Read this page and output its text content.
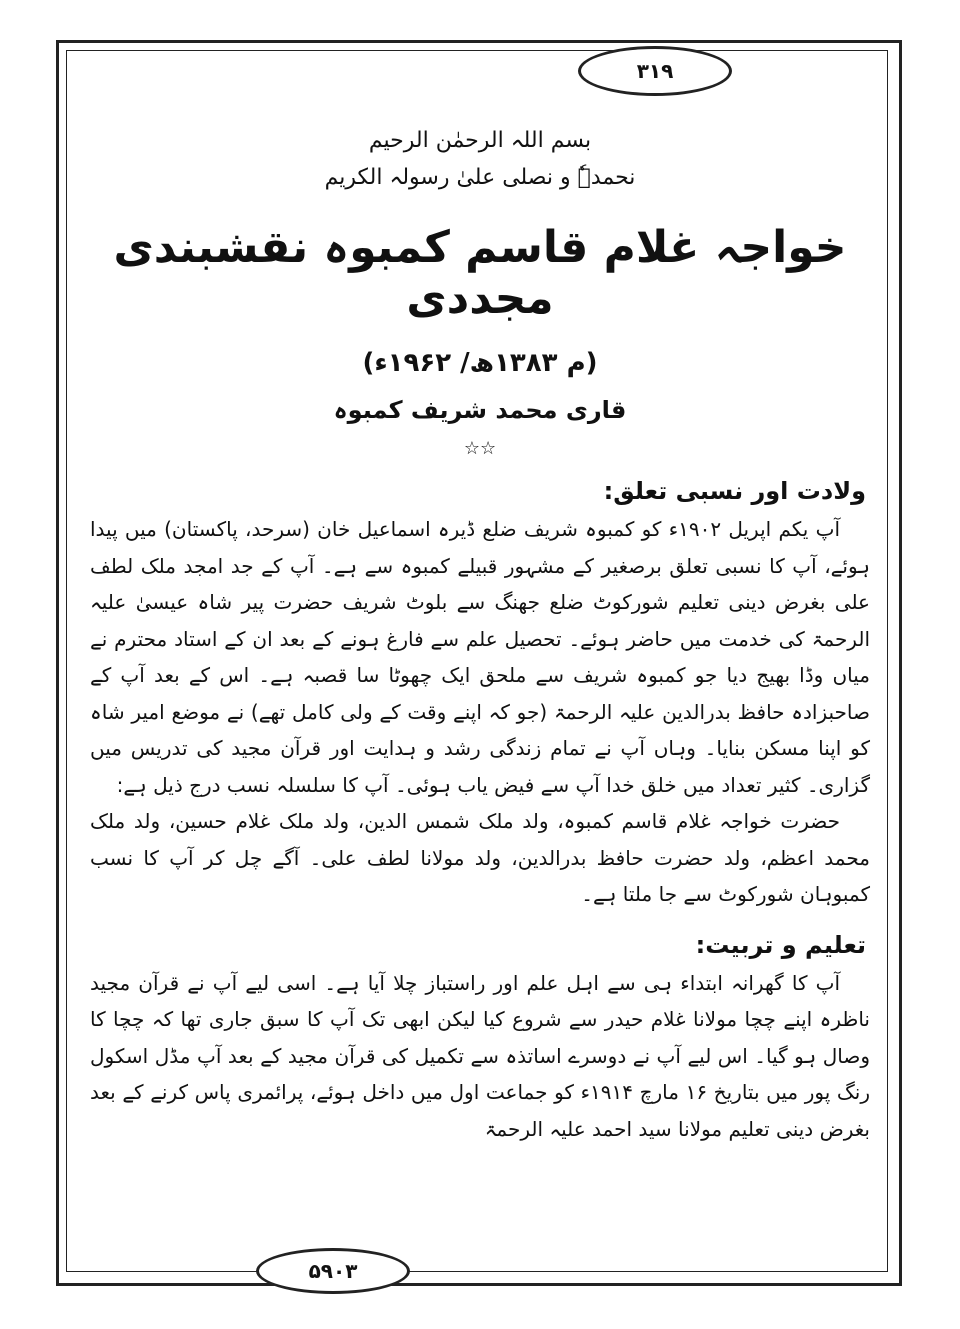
۳۱۹
بسم اللہ الرحمٰن الرحیم
نحمدہٗ و نصلی علیٰ رسولہ الکریم
خواجہ غلام قاسم کمبوہ نقشبندی مجددی
(م ۱۳۸۳ھ/ ۱۹۶۲ء)
قاری محمد شریف کمبوہ
☆☆
ولادت اور نسبی تعلق:

آپ یکم اپریل ۱۹۰۲ء کو کمبوہ شریف ضلع ڈیرہ اسماعیل خان (سرحد، پاکستان) میں پیدا ہوئے، آپ کا نسبی تعلق برصغیر کے مشہور قبیلے کمبوہ سے ہے۔ آپ کے جد امجد ملک لطف علی بغرض دینی تعلیم شورکوٹ ضلع جھنگ سے بلوٹ شریف حضرت پیر شاہ عیسیٰ علیہ الرحمۃ کی خدمت میں حاضر ہوئے۔ تحصیل علم سے فارغ ہونے کے بعد ان کے استاد محترم نے میاں وڈا بھیج دیا جو کمبوہ شریف سے ملحق ایک چھوٹا سا قصبہ ہے۔ اس کے بعد آپ کے صاحبزادہ حافظ بدرالدین علیہ الرحمۃ (جو کہ اپنے وقت کے ولی کامل تھے) نے موضع امیر شاہ کو اپنا مسکن بنایا۔ وہاں آپ نے تمام زندگی رشد و ہدایت اور قرآن مجید کی تدریس میں گزاری۔ کثیر تعداد میں خلق خدا آپ سے فیض یاب ہوئی۔ آپ کا سلسلہ نسب درج ذیل ہے:

حضرت خواجہ غلام قاسم کمبوہ، ولد ملک شمس الدین، ولد ملک غلام حسین، ولد ملک محمد اعظم، ولد حضرت حافظ بدرالدین، ولد مولانا لطف علی۔ آگے چل کر آپ کا نسب کمبوہان شورکوٹ سے جا ملتا ہے۔

تعلیم و تربیت:

آپ کا گھرانہ ابتداء ہی سے اہل علم اور راستباز چلا آیا ہے۔ اسی لیے آپ نے قرآن مجید ناظرہ اپنے چچا مولانا غلام حیدر سے شروع کیا لیکن ابھی تک آپ کا سبق جاری تھا کہ چچا کا وصال ہو گیا۔ اس لیے آپ نے دوسرے اساتذہ سے تکمیل کی قرآن مجید کے بعد آپ مڈل اسکول رنگ پور میں بتاریخ ۱۶ مارچ ۱۹۱۴ء کو جماعت اول میں داخل ہوئے، پرائمری پاس کرنے کے بعد بغرض دینی تعلیم مولانا سید احمد علیہ الرحمۃ

۵۹۰۳
